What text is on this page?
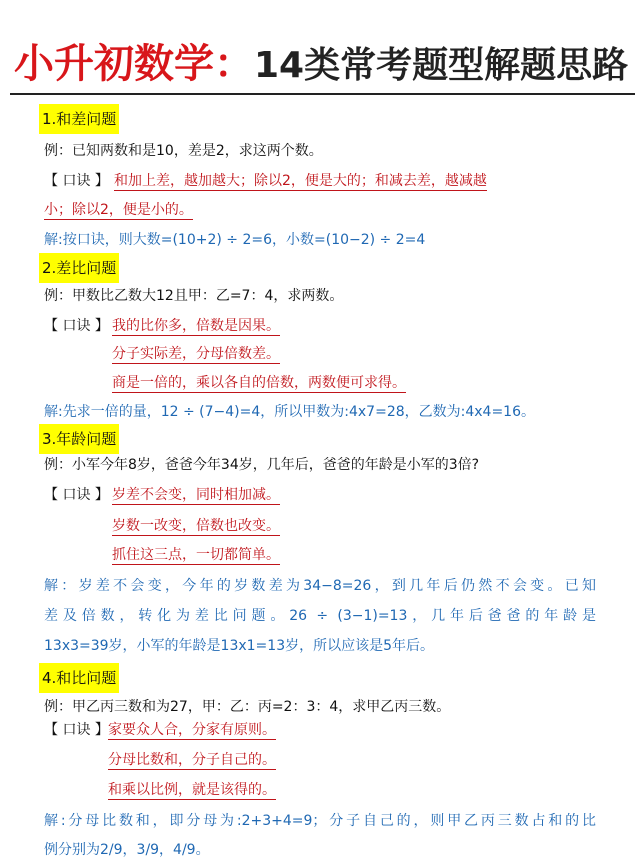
小升初数学：14类常考题型解题思路
1.和差问题
例：已知两数和是10，差是2，求这两个数。
【 口诀 】 和加上差，越加越大；除以2，便是大的；和减去差，越减越
小；除以2，便是小的。
解:按口诀，则大数=(10+2) ÷ 2=6，小数=(10−2) ÷ 2=4
2.差比问题
例：甲数比乙数大12且甲：乙=7：4，求两数。
【 口诀 】 我的比你多，倍数是因果。
分子实际差，分母倍数差。
商是一倍的，乘以各自的倍数，两数便可求得。
解:先求一倍的量，12 ÷ (7−4)=4，所以甲数为:4x7=28，乙数为:4x4=16。
3.年龄问题
例：小军今年8岁，爸爸今年34岁，几年后，爸爸的年龄是小军的3倍?
【 口诀 】 岁差不会变，同时相加减。
岁数一改变，倍数也改变。
抓住这三点，一切都简单。
解：岁差不会变，今年的岁数差为34−8=26，到几年后仍然不会变。已知
差及倍数，转化为差比问题。26 ÷ (3−1)=13，几年后爸爸的年龄是
13x3=39岁，小军的年龄是13x1=13岁，所以应该是5年后。
4.和比问题
例：甲乙丙三数和为27，甲：乙：丙=2：3：4，求甲乙丙三数。
【 口诀 】 家要众人合，分家有原则。
分母比数和，分子自己的。
和乘以比例，就是该得的。
解:分母比数和，即分母为:2+3+4=9；分子自己的，则甲乙丙三数占和的比
例分别为2/9，3/9，4/9。
